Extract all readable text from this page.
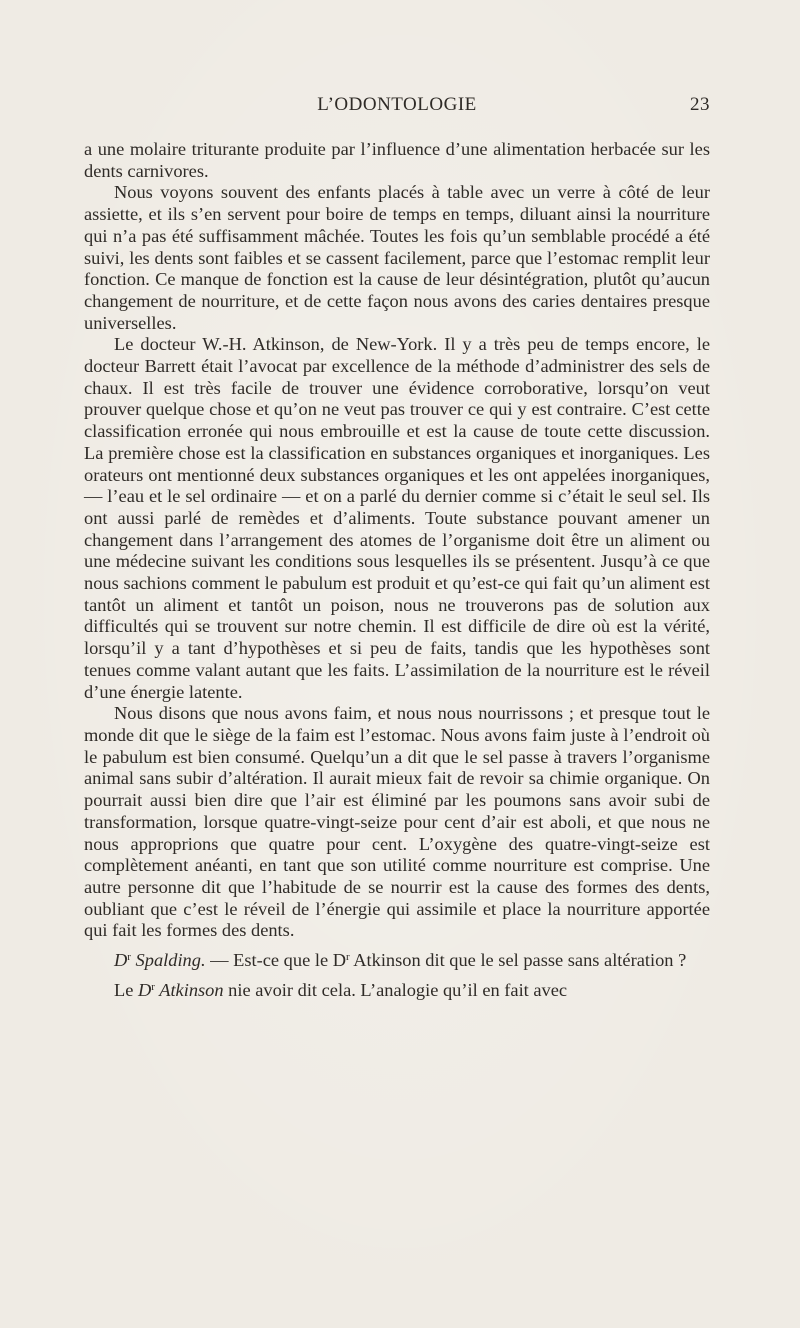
L’ODONTOLOGIE	23

a une molaire triturante produite par l’influence d’une alimentation herbacée sur les dents carnivores.

Nous voyons souvent des enfants placés à table avec un verre à côté de leur assiette, et ils s’en servent pour boire de temps en temps, diluant ainsi la nourriture qui n’a pas été suffisamment mâchée. Toutes les fois qu’un semblable procédé a été suivi, les dents sont faibles et se cassent facilement, parce que l’estomac remplit leur fonction. Ce manque de fonction est la cause de leur désintégration, plutôt qu’aucun changement de nourriture, et de cette façon nous avons des caries dentaires presque universelles.

Le docteur W.-H. Atkinson, de New-York. Il y a très peu de temps encore, le docteur Barrett était l’avocat par excellence de la méthode d’administrer des sels de chaux. Il est très facile de trouver une évidence corroborative, lorsqu’on veut prouver quelque chose et qu’on ne veut pas trouver ce qui y est contraire. C’est cette classification erronée qui nous embrouille et est la cause de toute cette discussion. La première chose est la classification en substances organiques et inorganiques. Les orateurs ont mentionné deux substances organiques et les ont appelées inorganiques, — l’eau et le sel ordinaire — et on a parlé du dernier comme si c’était le seul sel. Ils ont aussi parlé de remèdes et d’aliments. Toute substance pouvant amener un changement dans l’arrangement des atomes de l’organisme doit être un aliment ou une médecine suivant les conditions sous lesquelles ils se présentent. Jusqu’à ce que nous sachions comment le pabulum est produit et qu’est-ce qui fait qu’un aliment est tantôt un aliment et tantôt un poison, nous ne trouverons pas de solution aux difficultés qui se trouvent sur notre chemin. Il est difficile de dire où est la vérité, lorsqu’il y a tant d’hypothèses et si peu de faits, tandis que les hypothèses sont tenues comme valant autant que les faits. L’assimilation de la nourriture est le réveil d’une énergie latente.

Nous disons que nous avons faim, et nous nous nourrissons ; et presque tout le monde dit que le siège de la faim est l’estomac. Nous avons faim juste à l’endroit où le pabulum est bien consumé. Quelqu’un a dit que le sel passe à travers l’organisme animal sans subir d’altération. Il aurait mieux fait de revoir sa chimie organique. On pourrait aussi bien dire que l’air est éliminé par les poumons sans avoir subi de transformation, lorsque quatre-vingt-seize pour cent d’air est aboli, et que nous ne nous approprions que quatre pour cent. L’oxygène des quatre-vingt-seize est complètement anéanti, en tant que son utilité comme nourriture est comprise. Une autre personne dit que l’habitude de se nourrir est la cause des formes des dents, oubliant que c’est le réveil de l’énergie qui assimile et place la nourriture apportée qui fait les formes des dents.

$D^r$ Spalding. — Est-ce que le $D^r$ Atkinson dit que le sel passe sans altération ?

Le $D^r$ Atkinson nie avoir dit cela. L’analogie qu’il en fait avec
